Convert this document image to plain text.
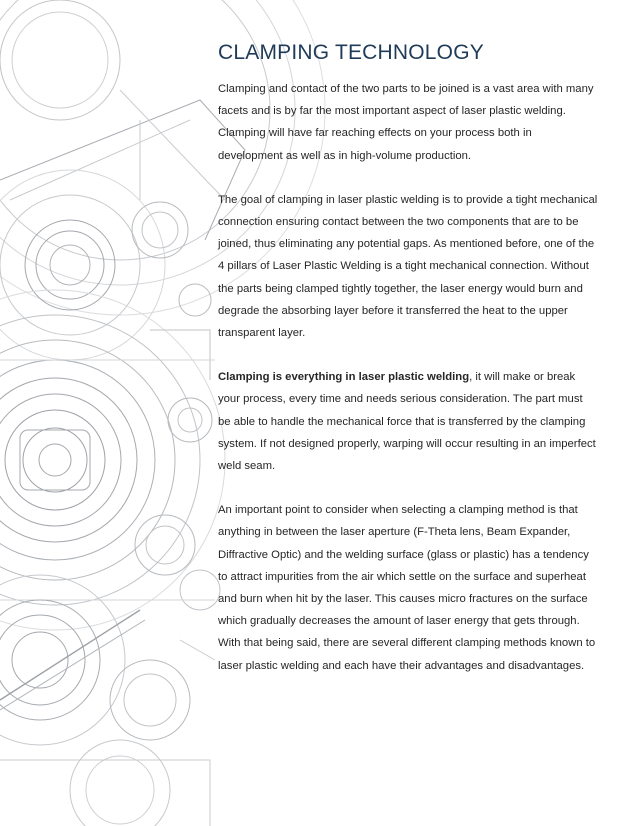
CLAMPING TECHNOLOGY

Clamping and contact of the two parts to be joined is a vast area with many facets and is by far the most important aspect of laser plastic welding. Clamping will have far reaching effects on your process both in development as well as in high-volume production.

The goal of clamping in laser plastic welding is to provide a tight mechanical connection ensuring contact between the two components that are to be joined, thus eliminating any potential gaps. As mentioned before, one of the 4 pillars of Laser Plastic Welding is a tight mechanical connection. Without the parts being clamped tightly together, the laser energy would burn and degrade the absorbing layer before it transferred the heat to the upper transparent layer.

Clamping is everything in laser plastic welding, it will make or break your process, every time and needs serious consideration. The part must be able to handle the mechanical force that is transferred by the clamping system. If not designed properly, warping will occur resulting in an imperfect weld seam.

An important point to consider when selecting a clamping method is that anything in between the laser aperture (F-Theta lens, Beam Expander, Diffractive Optic) and the welding surface (glass or plastic) has a tendency to attract impurities from the air which settle on the surface and superheat and burn when hit by the laser. This causes micro fractures on the surface which gradually decreases the amount of laser energy that gets through. With that being said, there are several different clamping methods known to laser plastic welding and each have their advantages and disadvantages.
